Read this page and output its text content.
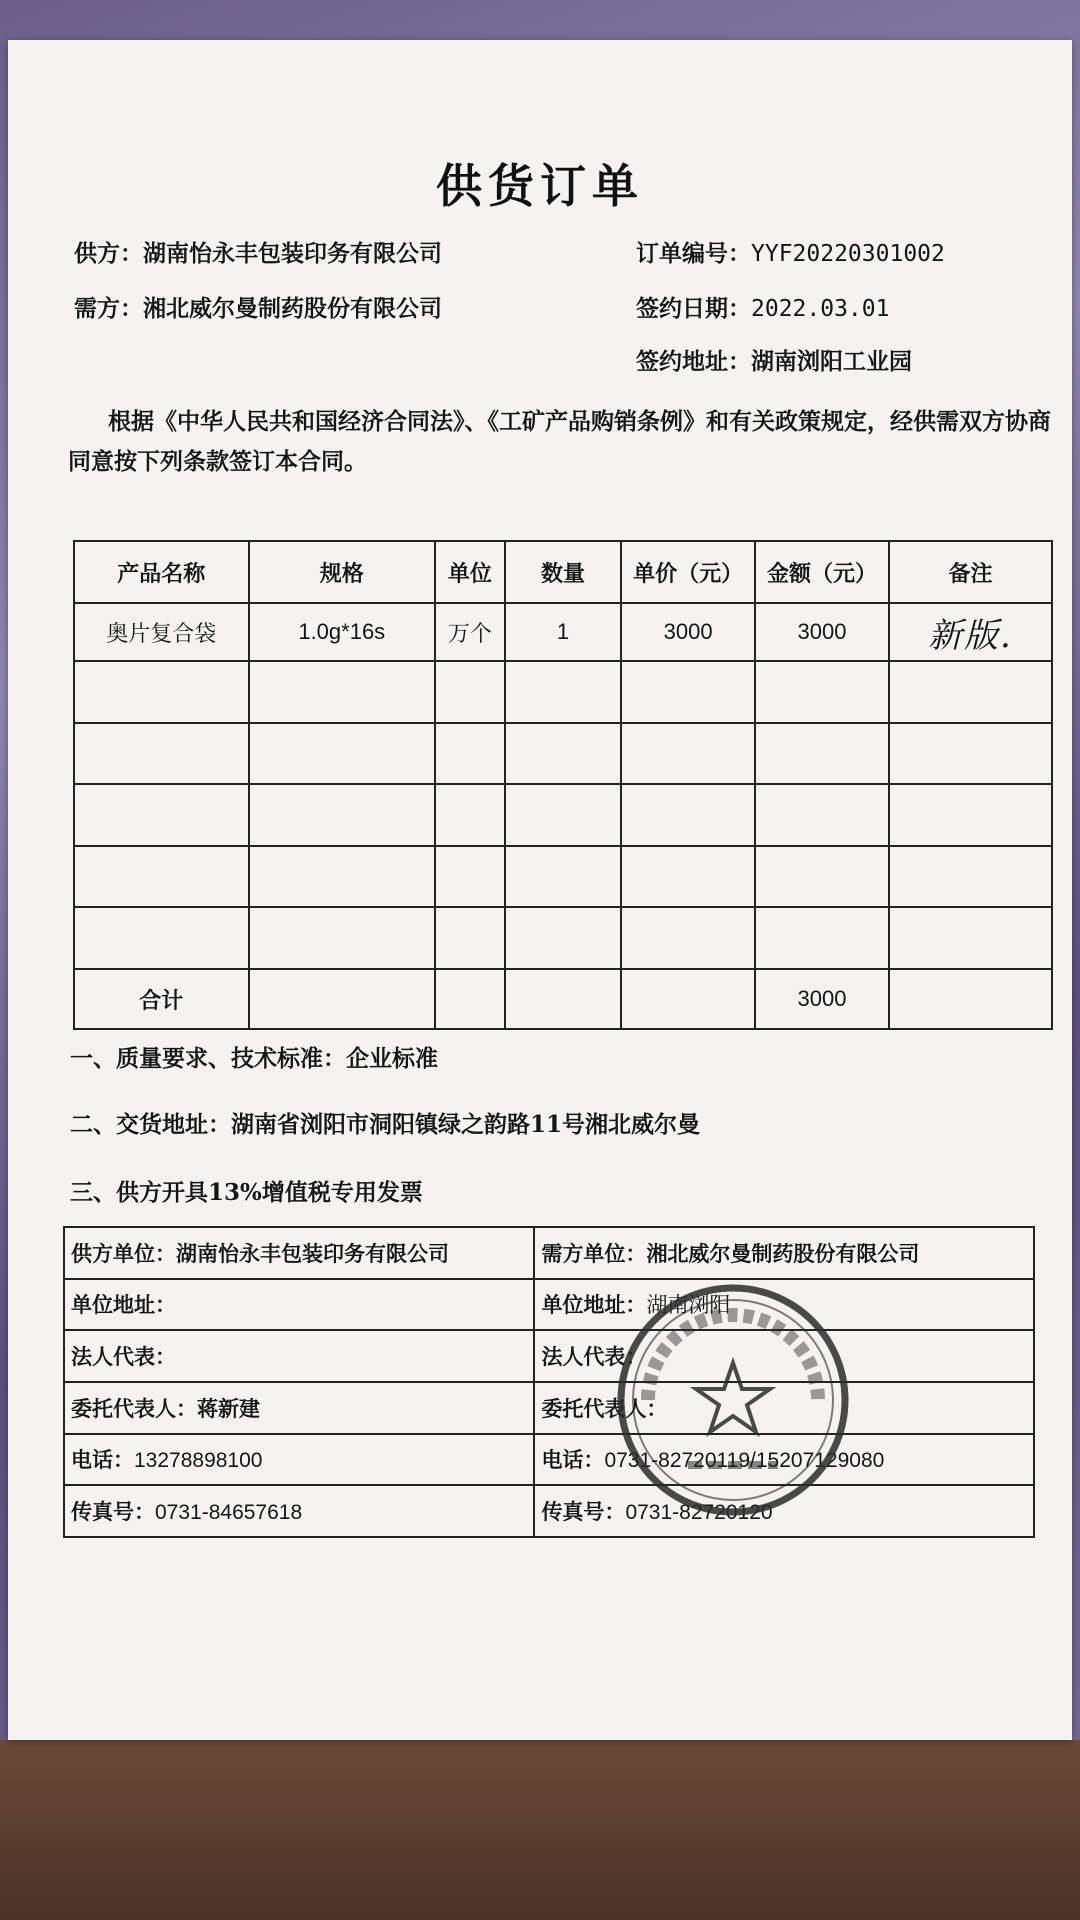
供货订单
供方：湖南怡永丰包装印务有限公司
需方：湘北威尔曼制药股份有限公司
订单编号：YYF20220301002
签约日期：2022.03.01
签约地址：湖南浏阳工业园
根据《中华人民共和国经济合同法》、《工矿产品购销条例》和有关政策规定，经供需双方协商同意按下列条款签订本合同。
产品名称	规格	单位	数量	单价（元）	金额（元）	备注
奥片复合袋	1.0g*16s	万个	1	3000	3000	新版.

合计					3000	
一、质量要求、技术标准：企业标准
二、交货地址：湖南省浏阳市洞阳镇绿之韵路11号湘北威尔曼
三、供方开具13%增值税专用发票
供方单位：湖南怡永丰包装印务有限公司	需方单位：湘北威尔曼制药股份有限公司
单位地址：	单位地址：湖南浏阳
法人代表：	法人代表：
委托代表人：蒋新建	委托代表人：
电话：13278898100	电话：0731-82720119/15207129080
传真号：0731-84657618	传真号：0731-82720120
